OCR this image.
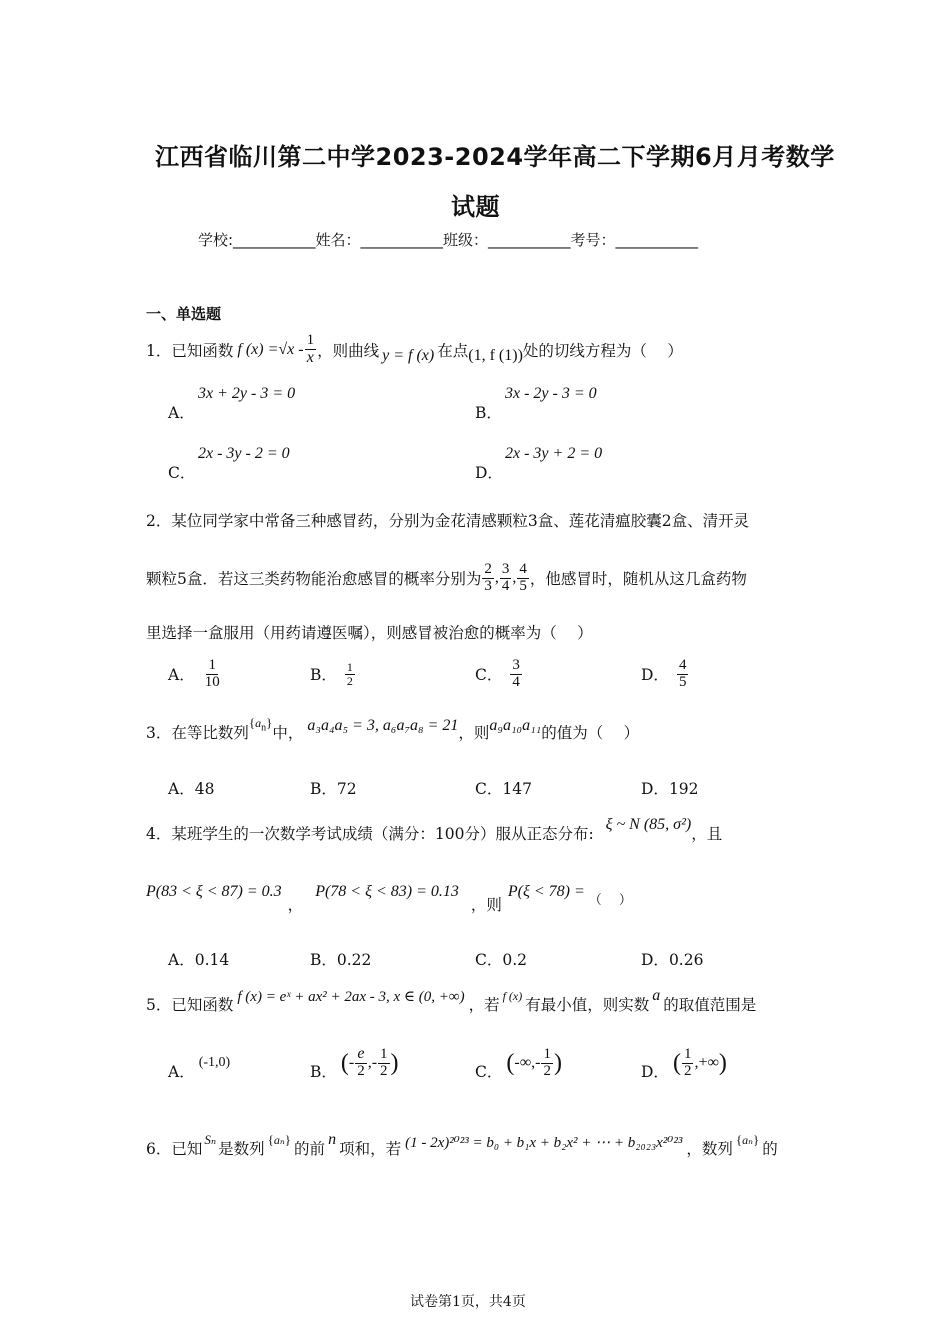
江西省临川第二中学2023-2024学年高二下学期6月月考数学
试题
学校:___________姓名：___________班级：___________考号：___________
一、单选题
1． 已知函数 f $(x) =√x - \frac{1}{x}$ ，则曲线 y = f (x) 在点 (1, f (1)) 处的切线方程为（　 ）
A．
3x + 2y - 3 = 0
B．
3x - 2y - 3 = 0
C．
2x - 3y - 2 = 0
D．
2x - 3y + 2 = 0
2．某位同学家中常备三种感冒药，分别为金花清感颗粒3盒、莲花清瘟胶囊2盒、清开灵
颗粒5盒．若这三类药物能治愈感冒的概率分别为 $\frac{2}{3}$ , $\frac{3}{4}$ , $\frac{4}{5}$ ，他感冒时，随机从这几盒药物
里选择一盒服用（用药请遵医嘱），则感冒被治愈的概率为（　 ）
A． $\frac{1}{10}$	B． $\frac{1}{2}$	C． $\frac{3}{4}$	D． $\frac{4}{5}$
3．在等比数列
$\{a_n\}$
中， a₃a₄a₅ = 3, a₆a₇a₈ = 21 ，则 a₉a₁₀a₁₁ 的值为（　 ）
A．48	B．72	C．147	D．192
4．某班学生的一次数学考试成绩（满分：100分）服从正态分布:
ξ ~ N (85, σ²)
，且
P(83 < ξ < 87) = 0.3
，
P(78 < ξ < 83) = 0.13
，则
P(ξ < 78) = （　 ）
A．0.14	B．0.22	C．0.2	D．0.26
5．已知函数 f (x) = eˣ + ax² + 2ax - 3, x ∈ (0, +∞) ，若
f (x)
有最小值，则实数
a
的取值范围是
A．
(-1,0)
B． ( - $\frac{e}{2}$ ,- $\frac{1}{2}$ )	C． ( -∞,- $\frac{1}{2}$ )	D． ( $\frac{1}{2}$ ,+∞ )
6．已知
Sₙ
是数列
{aₙ}
的前
n
项和，若 (1 - 2x)²⁰²³ = b₀ + b₁x + b₂x² + ⋯ + b₂₀₂₃x²⁰²³ ，数列
{aₙ}
的
试卷第1页，共4页
